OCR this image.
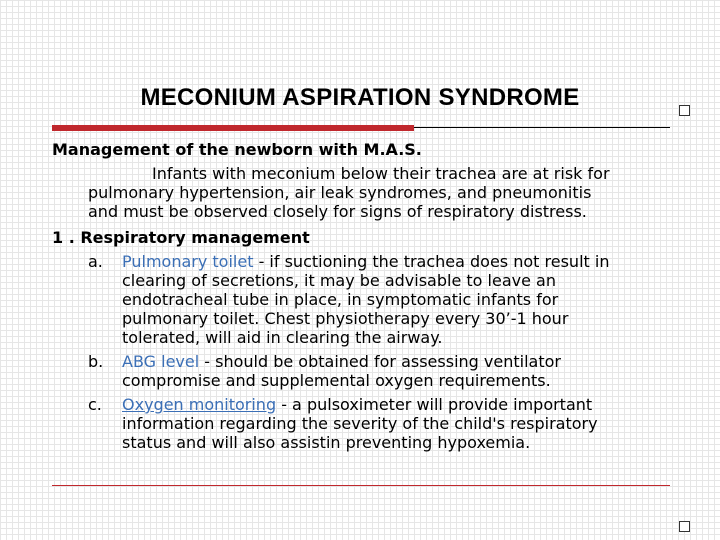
MECONIUM ASPIRATION SYNDROME
Management of the newborn with M.A.S.
Infants with meconium below their trachea are at risk for
pulmonary hypertension, air leak syndromes, and pneumonitis
and must be observed closely for signs of respiratory distress.
1 . Respiratory management
a. Pulmonary toilet - if suctioning the trachea does not result in
clearing of secretions, it may be advisable to leave an
endotracheal tube in place, in symptomatic infants for
pulmonary toilet. Chest physiotherapy every 30’-1 hour
tolerated, will aid in clearing the airway.
b. ABG level - should be obtained for assessing ventilator
compromise and supplemental oxygen requirements.
c. Oxygen monitoring - a pulsoximeter will provide important
information regarding the severity of the child's respiratory
status and will also assistin preventing hypoxemia.
